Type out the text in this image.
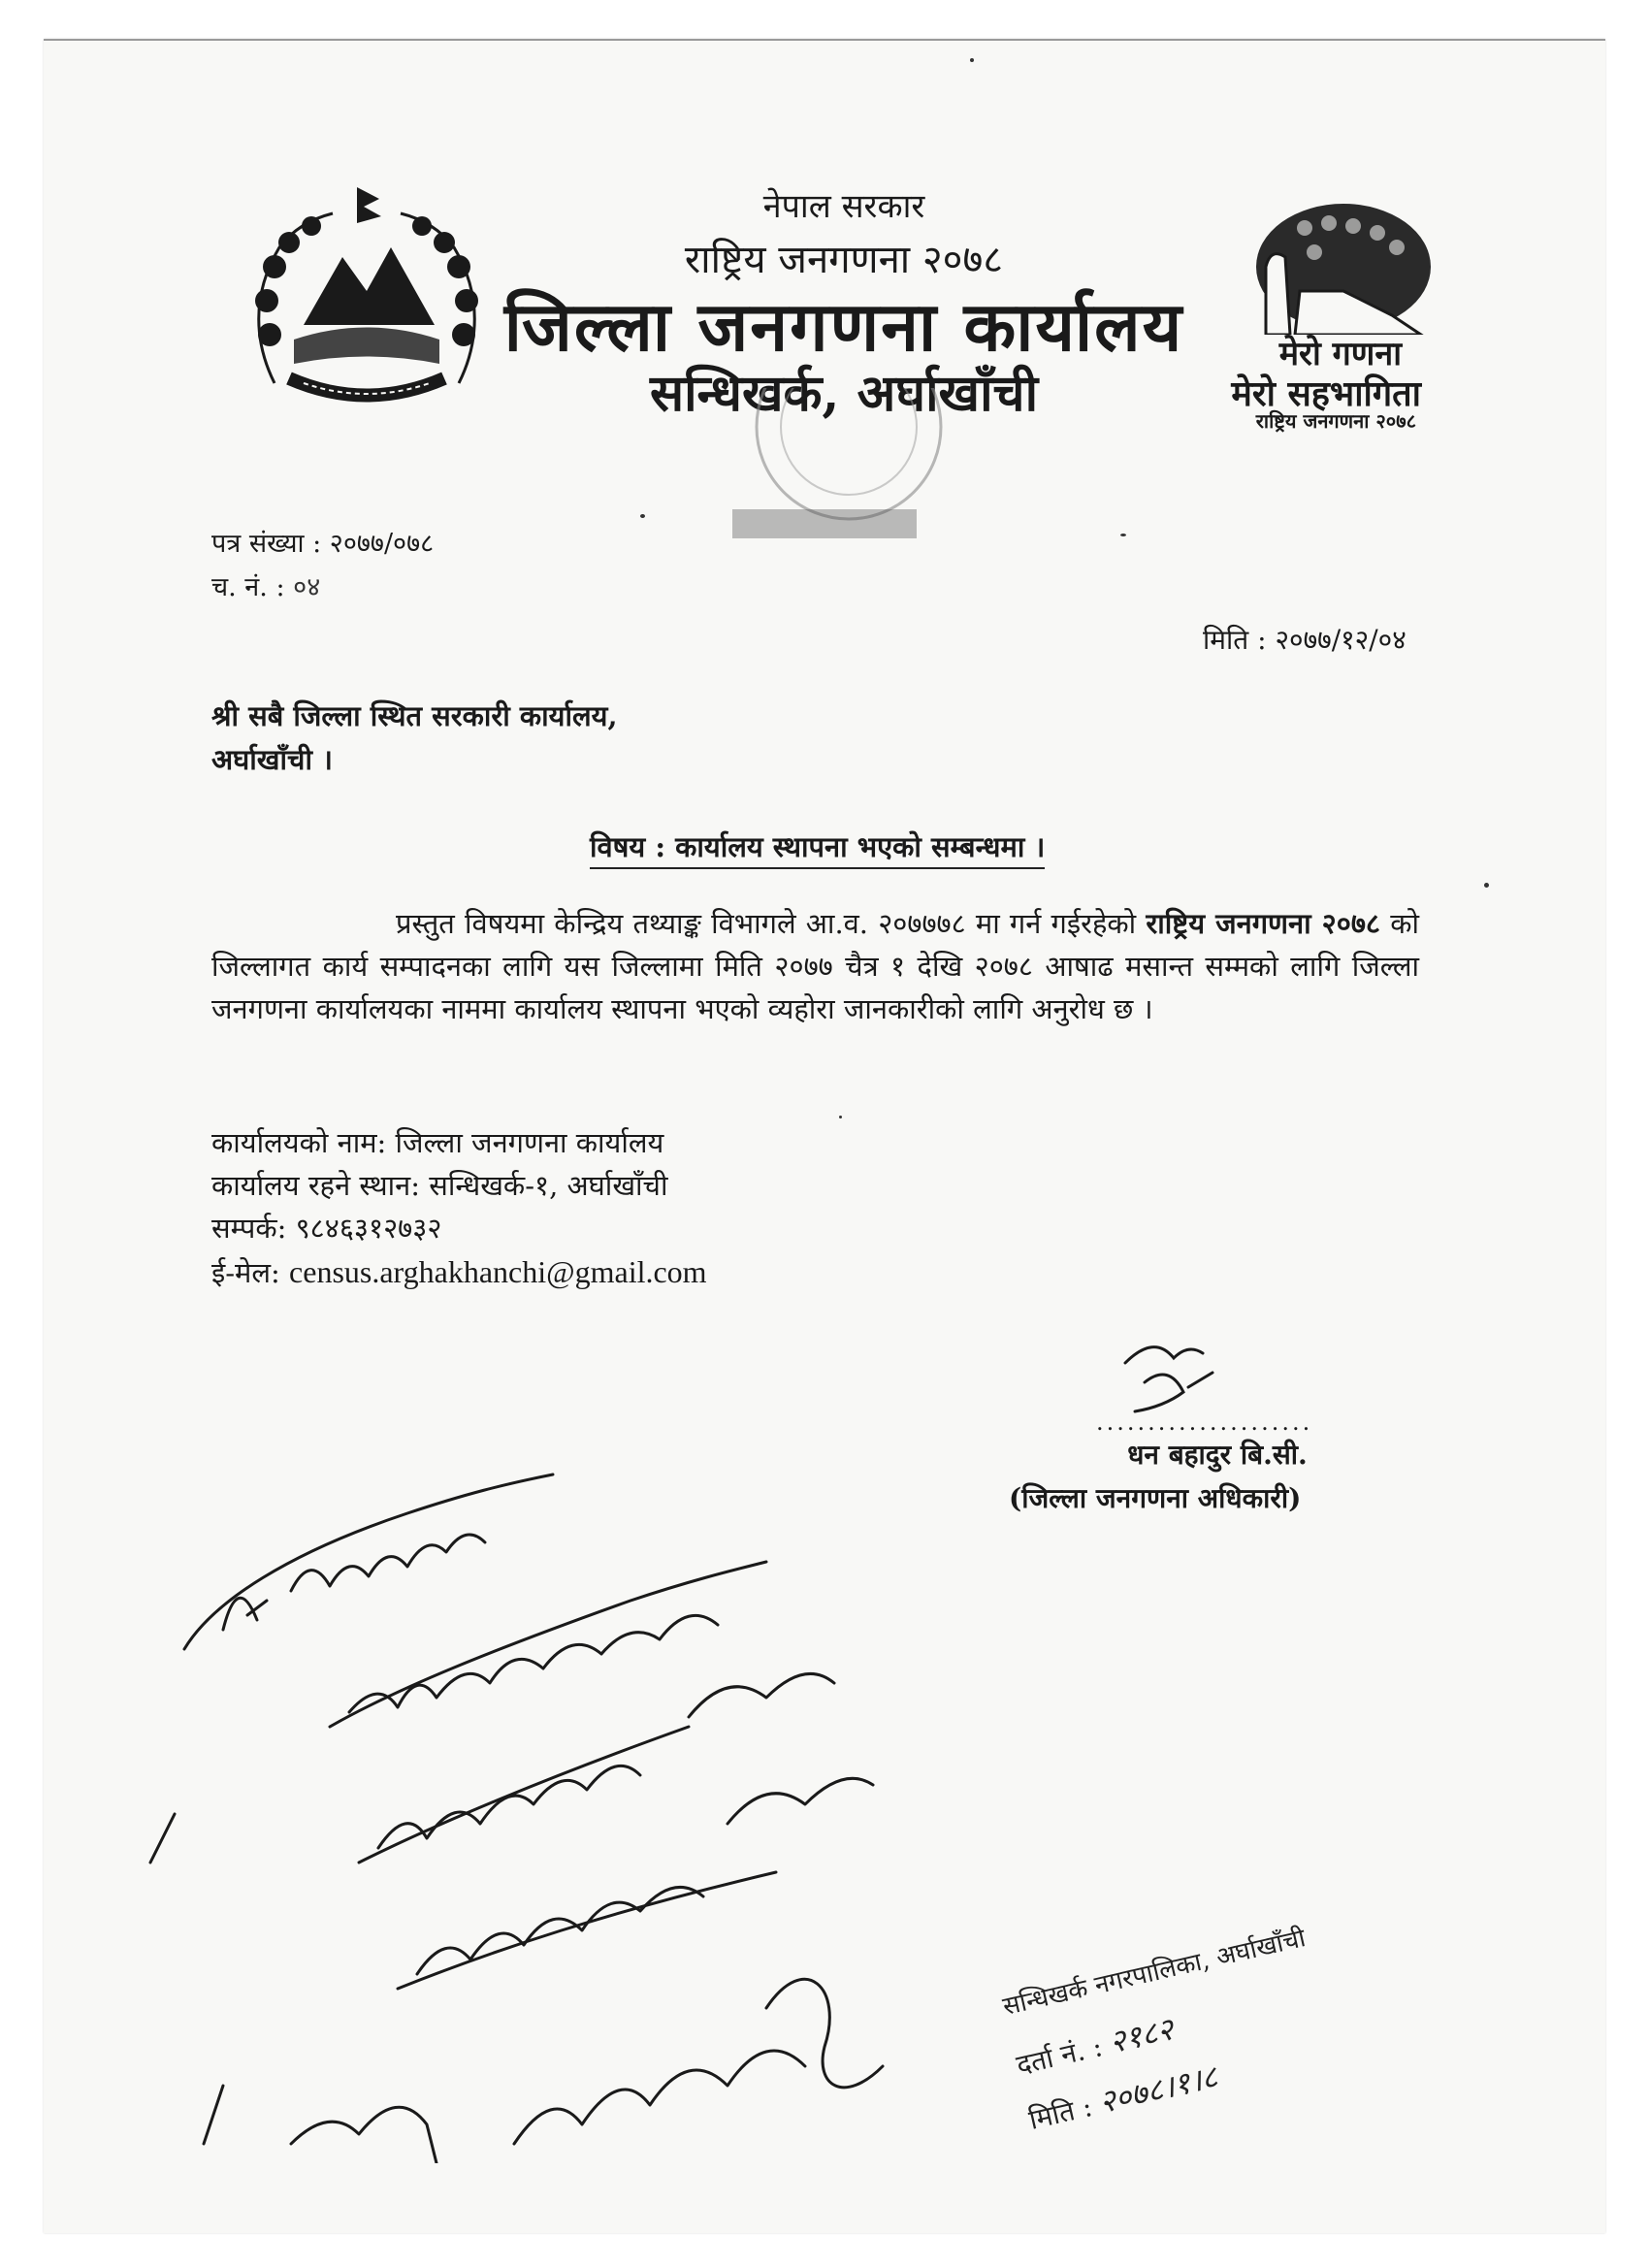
नेपाल सरकार
राष्ट्रिय जनगणना २०७८
जिल्ला जनगणना कार्यालय
सन्धिखर्क, अर्घाखाँची
मेरो गणना
मेरो सहभागिता
राष्ट्रिय जनगणना २०७८
पत्र संख्या : २०७७/०७८
च. नं. : ०४
मिति : २०७७/१२/०४
श्री सबै जिल्ला स्थित सरकारी कार्यालय,
अर्घाखाँची ।
विषय : कार्यालय स्थापना भएको सम्बन्धमा ।
प्रस्तुत विषयमा केन्द्रिय तथ्याङ्क विभागले आ.व. २०७७७८ मा गर्न गईरहेको राष्ट्रिय जनगणना २०७८ को जिल्लागत कार्य सम्पादनका लागि यस जिल्लामा मिति २०७७ चैत्र १ देखि २०७८ आषाढ मसान्त सम्मको लागि जिल्ला जनगणना कार्यालयका नाममा कार्यालय स्थापना भएको व्यहोरा जानकारीको लागि अनुरोध छ ।
कार्यालयको नाम: जिल्ला जनगणना कार्यालय
कार्यालय रहने स्थान: सन्धिखर्क-१, अर्घाखाँची
सम्पर्क: ९८४६३१२७३२
ई-मेल: census.arghakhanchi@gmail.com
.....................
धन बहादुर बि.सी.
(जिल्ला जनगणना अधिकारी)
सन्धिखर्क नगरपालिका, अर्घाखाँची
दर्ता नं. : २१८२
मिति : २०७८।१।८
